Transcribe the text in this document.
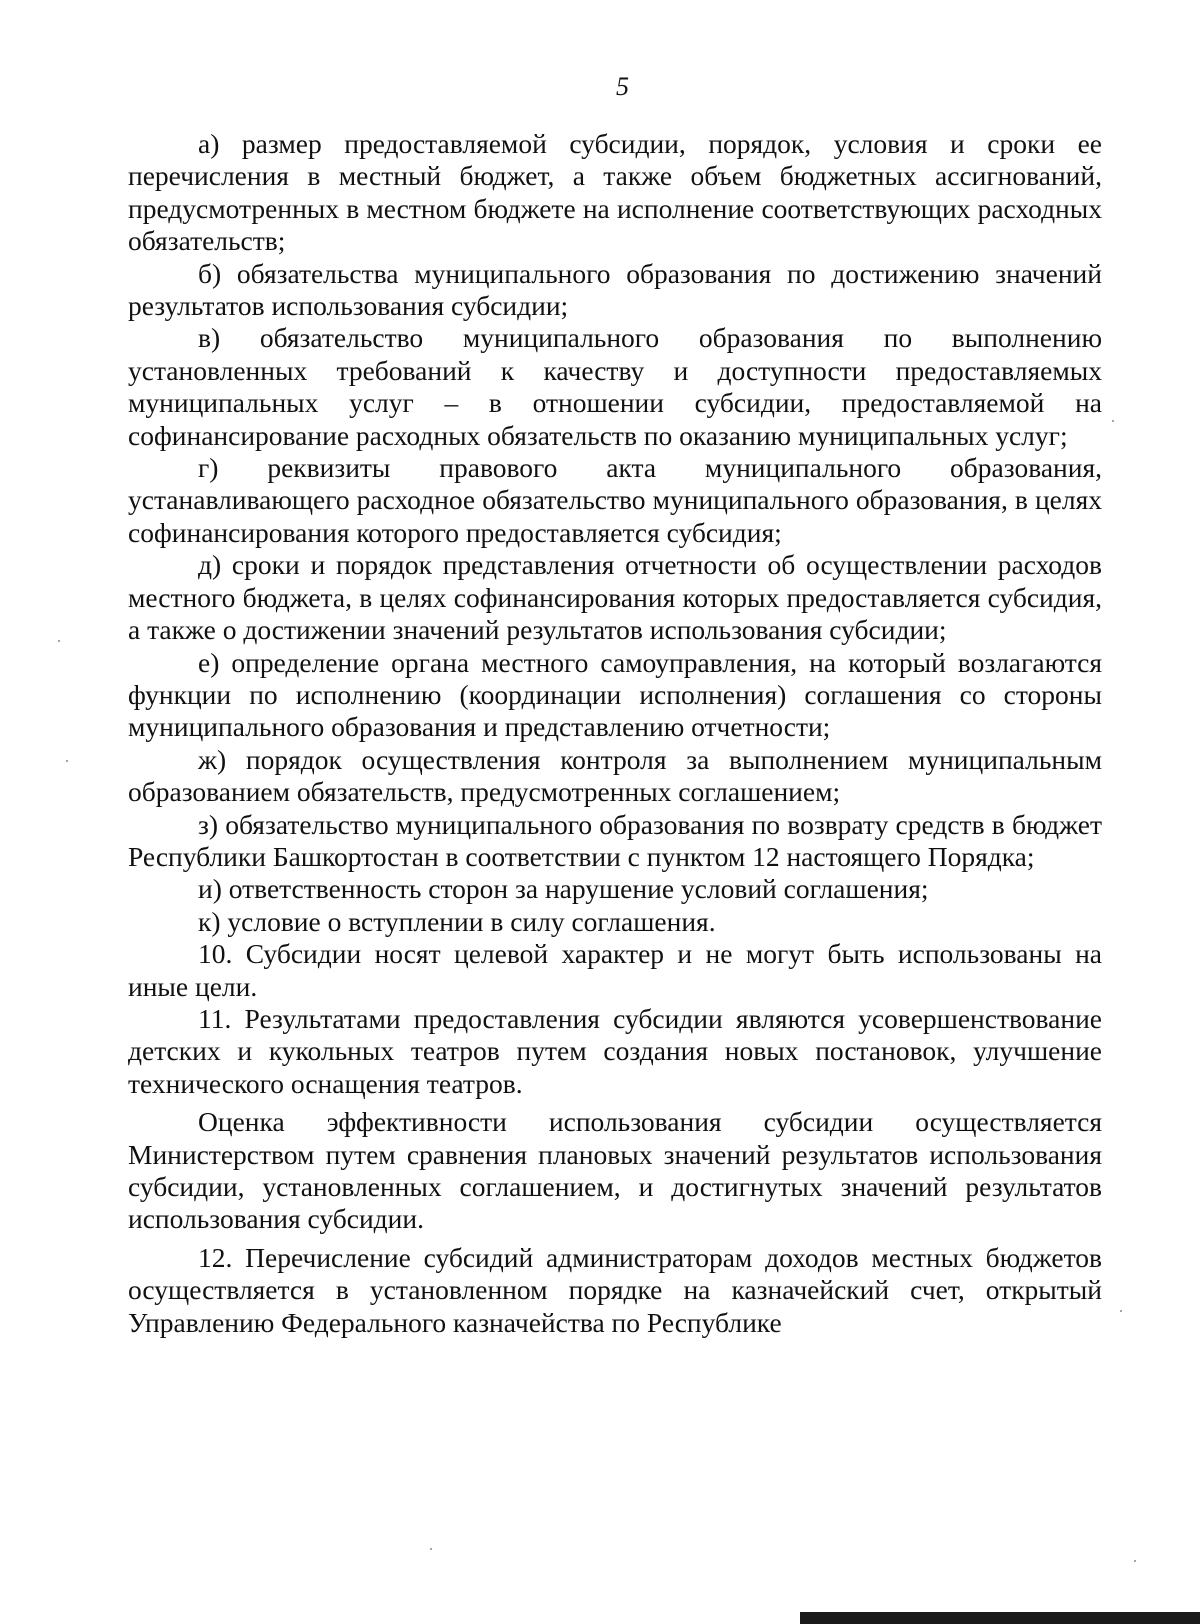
5

а) размер предоставляемой субсидии, порядок, условия и сроки ее перечисления в местный бюджет, а также объем бюджетных ассигнований, предусмотренных в местном бюджете на исполнение соответствующих расходных обязательств;

б) обязательства муниципального образования по достижению значений результатов использования субсидии;

в) обязательство муниципального образования по выполнению установленных требований к качеству и доступности предоставляемых муниципальных услуг – в отношении субсидии, предоставляемой на софинансирование расходных обязательств по оказанию муниципальных услуг;

г) реквизиты правового акта муниципального образования, устанавливающего расходное обязательство муниципального образования, в целях софинансирования которого предоставляется субсидия;

д) сроки и порядок представления отчетности об осуществлении расходов местного бюджета, в целях софинансирования которых предоставляется субсидия, а также о достижении значений результатов использования субсидии;

е) определение органа местного самоуправления, на который возлагаются функции по исполнению (координации исполнения) соглашения со стороны муниципального образования и представлению отчетности;

ж) порядок осуществления контроля за выполнением муниципальным образованием обязательств, предусмотренных соглашением;

з) обязательство муниципального образования по возврату средств в бюджет Республики Башкортостан в соответствии с пунктом 12 настоящего Порядка;

и) ответственность сторон за нарушение условий соглашения;

к) условие о вступлении в силу соглашения.

10. Субсидии носят целевой характер и не могут быть использованы на иные цели.

11. Результатами предоставления субсидии являются усовершенствование детских и кукольных театров путем создания новых постановок, улучшение технического оснащения театров.

Оценка эффективности использования субсидии осуществляется Министерством путем сравнения плановых значений результатов использования субсидии, установленных соглашением, и достигнутых значений результатов использования субсидии.

12. Перечисление субсидий администраторам доходов местных бюджетов осуществляется в установленном порядке на казначейский счет, открытый Управлению Федерального казначейства по Республике
